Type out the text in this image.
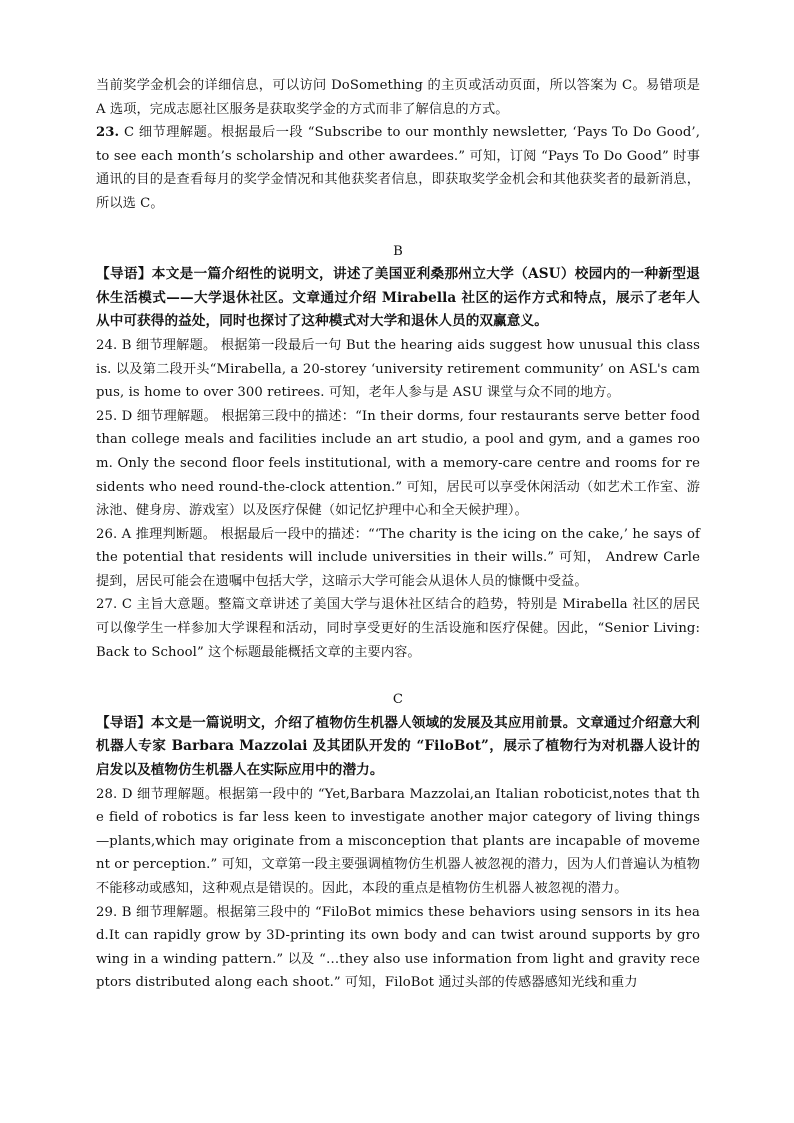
当前奖学金机会的详细信息，可以访问 DoSomething 的主页或活动页面，所以答案为 C。易错项是 A 选项，完成志愿社区服务是获取奖学金的方式而非了解信息的方式。

23. C 细节理解题。根据最后一段 “Subscribe to our monthly newsletter, ‘Pays To Do Good’, to see each month’s scholarship and other awardees.” 可知，订阅 “Pays To Do Good” 时事通讯的目的是查看每月的奖学金情况和其他获奖者信息，即获取奖学金机会和其他获奖者的最新消息，所以选 C。

B

【导语】本文是一篇介绍性的说明文，讲述了美国亚利桑那州立大学（ASU）校园内的一种新型退休生活模式——大学退休社区。文章通过介绍 Mirabella 社区的运作方式和特点，展示了老年人从中可获得的益处，同时也探讨了这种模式对大学和退休人员的双赢意义。

24. B 细节理解题。 根据第一段最后一句 But the hearing aids suggest how unusual this class is. 以及第二段开头“Mirabella, a 20-storey ‘university retirement community’ on ASL's campus, is home to over 300 retirees. 可知，老年人参与是 ASU 课堂与众不同的地方。

25. D 细节理解题。 根据第三段中的描述：“In their dorms, four restaurants serve better food than college meals and facilities include an art studio, a pool and gym, and a games room. Only the second floor feels institutional, with a memory-care centre and rooms for residents who need round-the-clock attention.” 可知，居民可以享受休闲活动（如艺术工作室、游泳池、健身房、游戏室）以及医疗保健（如记忆护理中心和全天候护理）。

26. A 推理判断题。 根据最后一段中的描述：“‘The charity is the icing on the cake,’ he says of the potential that residents will include universities in their wills.” 可知， Andrew Carle 提到，居民可能会在遗嘱中包括大学，这暗示大学可能会从退休人员的慷慨中受益。

27. C 主旨大意题。整篇文章讲述了美国大学与退休社区结合的趋势，特别是 Mirabella 社区的居民可以像学生一样参加大学课程和活动，同时享受更好的生活设施和医疗保健。因此，“Senior Living: Back to School” 这个标题最能概括文章的主要内容。

C

【导语】本文是一篇说明文，介绍了植物仿生机器人领域的发展及其应用前景。文章通过介绍意大利机器人专家 Barbara Mazzolai 及其团队开发的 “FiloBot”，展示了植物行为对机器人设计的启发以及植物仿生机器人在实际应用中的潜力。

28. D 细节理解题。根据第一段中的 “Yet,Barbara Mazzolai,an Italian roboticist,notes that the field of robotics is far less keen to investigate another major category of living things —plants,which may originate from a misconception that plants are incapable of movement or perception.” 可知，文章第一段主要强调植物仿生机器人被忽视的潜力，因为人们普遍认为植物不能移动或感知，这种观点是错误的。因此，本段的重点是植物仿生机器人被忽视的潜力。

29. B 细节理解题。根据第三段中的 “FiloBot mimics these behaviors using sensors in its head.It can rapidly grow by 3D-printing its own body and can twist around supports by growing in a winding pattern.” 以及 “…they also use information from light and gravity receptors distributed along each shoot.” 可知，FiloBot 通过头部的传感器感知光线和重力
